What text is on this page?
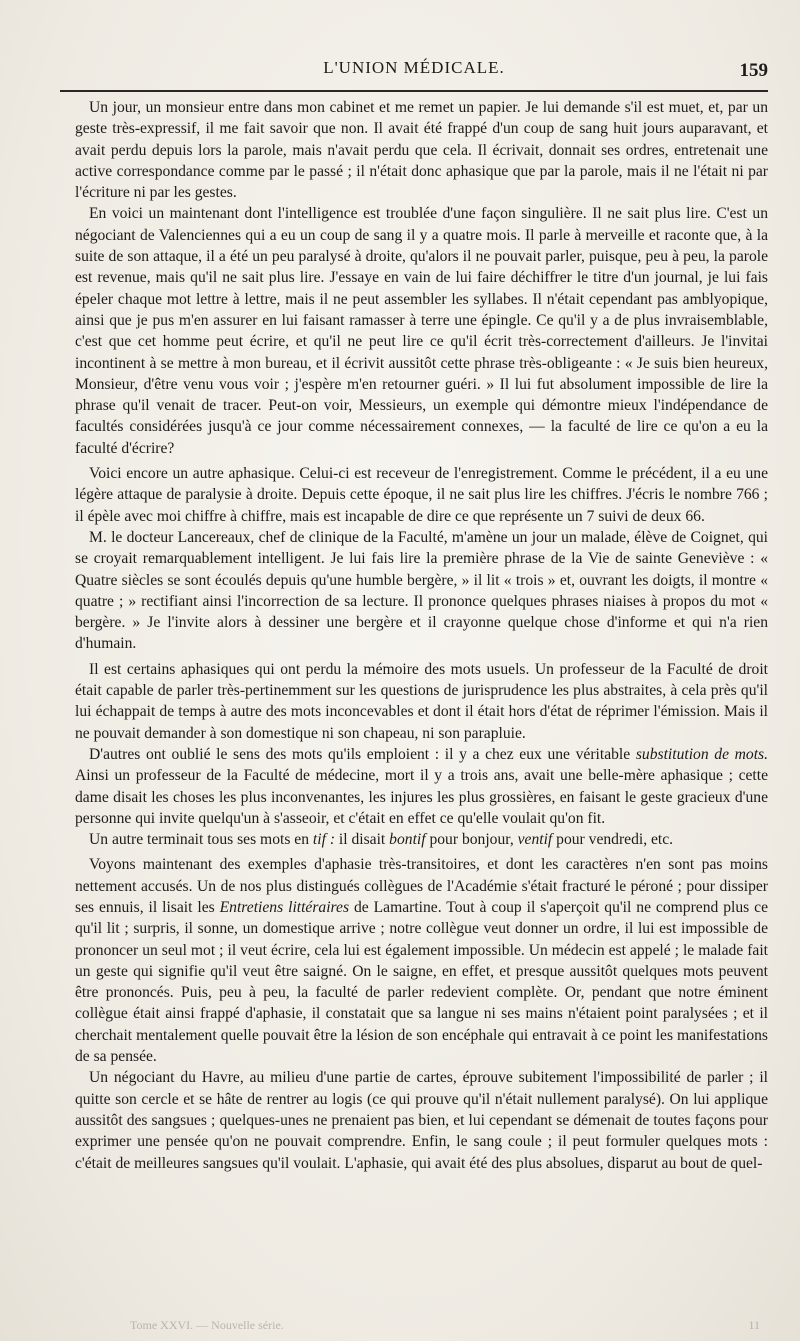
L'UNION MÉDICALE.	159

Un jour, un monsieur entre dans mon cabinet et me remet un papier. Je lui demande s'il est muet, et, par un geste très-expressif, il me fait savoir que non. Il avait été frappé d'un coup de sang huit jours auparavant, et avait perdu depuis lors la parole, mais n'avait perdu que cela. Il écrivait, donnait ses ordres, entretenait une active correspondance comme par le passé ; il n'était donc aphasique que par la parole, mais il ne l'était ni par l'écriture ni par les gestes.

En voici un maintenant dont l'intelligence est troublée d'une façon singulière. Il ne sait plus lire. C'est un négociant de Valenciennes qui a eu un coup de sang il y a quatre mois. Il parle à merveille et raconte que, à la suite de son attaque, il a été un peu paralysé à droite, qu'alors il ne pouvait parler, puisque, peu à peu, la parole est revenue, mais qu'il ne sait plus lire. J'essaye en vain de lui faire déchiffrer le titre d'un journal, je lui fais épeler chaque mot lettre à lettre, mais il ne peut assembler les syllabes. Il n'était cependant pas amblyopique, ainsi que je pus m'en assurer en lui faisant ramasser à terre une épingle. Ce qu'il y a de plus invraisemblable, c'est que cet homme peut écrire, et qu'il ne peut lire ce qu'il écrit très-correctement d'ailleurs. Je l'invitai incontinent à se mettre à mon bureau, et il écrivit aussitôt cette phrase très-obligeante : « Je suis bien heureux, Monsieur, d'être venu vous voir ; j'espère m'en retourner guéri. » Il lui fut absolument impossible de lire la phrase qu'il venait de tracer. Peut-on voir, Messieurs, un exemple qui démontre mieux l'indépendance de facultés considérées jusqu'à ce jour comme nécessairement connexes, — la faculté de lire ce qu'on a eu la faculté d'écrire?

Voici encore un autre aphasique. Celui-ci est receveur de l'enregistrement. Comme le précédent, il a eu une légère attaque de paralysie à droite. Depuis cette époque, il ne sait plus lire les chiffres. J'écris le nombre 766 ; il épèle avec moi chiffre à chiffre, mais est incapable de dire ce que représente un 7 suivi de deux 66.

M. le docteur Lancereaux, chef de clinique de la Faculté, m'amène un jour un malade, élève de Coignet, qui se croyait remarquablement intelligent. Je lui fais lire la première phrase de la Vie de sainte Geneviève : « Quatre siècles se sont écoulés depuis qu'une humble bergère, » il lit « trois » et, ouvrant les doigts, il montre « quatre ; » rectifiant ainsi l'incorrection de sa lecture. Il prononce quelques phrases niaises à propos du mot « bergère. » Je l'invite alors à dessiner une bergère et il crayonne quelque chose d'informe et qui n'a rien d'humain.

Il est certains aphasiques qui ont perdu la mémoire des mots usuels. Un professeur de la Faculté de droit était capable de parler très-pertinemment sur les questions de jurisprudence les plus abstraites, à cela près qu'il lui échappait de temps à autre des mots inconcevables et dont il était hors d'état de réprimer l'émission. Mais il ne pouvait demander à son domestique ni son chapeau, ni son parapluie.

D'autres ont oublié le sens des mots qu'ils emploient : il y a chez eux une véritable substitution de mots. Ainsi un professeur de la Faculté de médecine, mort il y a trois ans, avait une belle-mère aphasique ; cette dame disait les choses les plus inconvenantes, les injures les plus grossières, en faisant le geste gracieux d'une personne qui invite quelqu'un à s'asseoir, et c'était en effet ce qu'elle voulait qu'on fit.

Un autre terminait tous ses mots en tif : il disait bontif pour bonjour, ventif pour vendredi, etc.

Voyons maintenant des exemples d'aphasie très-transitoires, et dont les caractères n'en sont pas moins nettement accusés. Un de nos plus distingués collègues de l'Académie s'était fracturé le péroné ; pour dissiper ses ennuis, il lisait les Entretiens littéraires de Lamartine. Tout à coup il s'aperçoit qu'il ne comprend plus ce qu'il lit ; surpris, il sonne, un domestique arrive ; notre collègue veut donner un ordre, il lui est impossible de prononcer un seul mot ; il veut écrire, cela lui est également impossible. Un médecin est appelé ; le malade fait un geste qui signifie qu'il veut être saigné. On le saigne, en effet, et presque aussitôt quelques mots peuvent être prononcés. Puis, peu à peu, la faculté de parler redevient complète. Or, pendant que notre éminent collègue était ainsi frappé d'aphasie, il constatait que sa langue ni ses mains n'étaient point paralysées ; et il cherchait mentalement quelle pouvait être la lésion de son encéphale qui entravait à ce point les manifestations de sa pensée.

Un négociant du Havre, au milieu d'une partie de cartes, éprouve subitement l'impossibilité de parler ; il quitte son cercle et se hâte de rentrer au logis (ce qui prouve qu'il n'était nullement paralysé). On lui applique aussitôt des sangsues ; quelques-unes ne prenaient pas bien, et lui cependant se démenait de toutes façons pour exprimer une pensée qu'on ne pouvait comprendre. Enfin, le sang coule ; il peut formuler quelques mots : c'était de meilleures sangsues qu'il voulait. L'aphasie, qui avait été des plus absolues, disparut au bout de quel-

Tome XXVI. — Nouvelle série.	11
